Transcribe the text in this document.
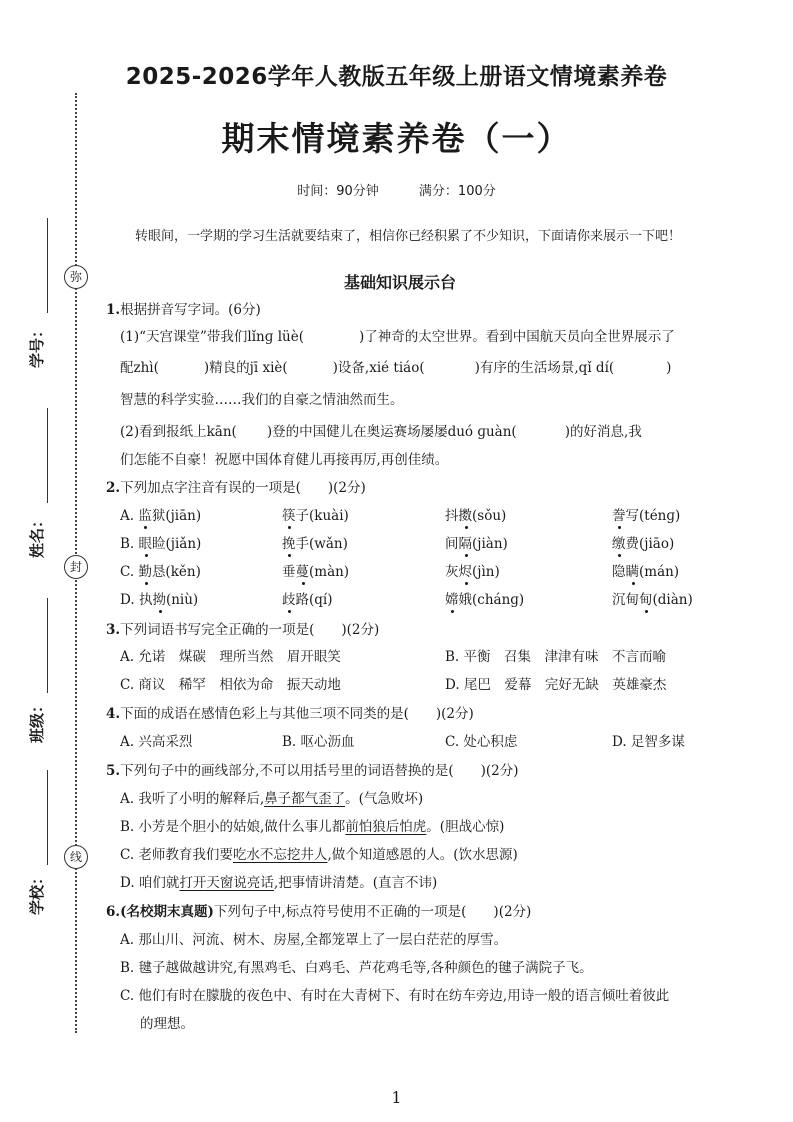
弥
封
线
学号：
姓名：
班级：
学校：
2025-2026学年人教版五年级上册语文情境素养卷
期末情境素养卷（一）
时间：90分钟	满分：100分
转眼间，一学期的学习生活就要结束了，相信你已经积累了不少知识，下面请你来展示一下吧！
基础知识展示台
1.根据拼音写字词。(6分)
(1)“天宫课堂”带我们lǐnɡ lüè(	)了神奇的太空世界。看到中国航天员向全世界展示了
配zhì(	)精良的jī xiè(	)设备,xié tiáo(	)有序的生活场景,qǐ dí(	)
智慧的科学实验……我们的自豪之情油然而生。
(2)看到报纸上kān( )登的中国健儿在奥运赛场屡屡duó ɡuàn(	)的好消息,我
们怎能不自豪！祝愿中国体育健儿再接再厉,再创佳绩。
2.下列加点字注音有误的一项是(　　)(2分)
A. 监狱(jiān)	筷子(kuài)	抖擞(sǒu)	誊写(ténɡ)
B. 眼睑(jiǎn)	挽手(wǎn)	间隔(jiàn)	缴费(jiāo)
C. 勤恳(kěn)	垂蔓(màn)	灰烬(jìn)	隐瞒(mán)
D. 执拗(niù)	歧路(qí)	嫦娥(chánɡ)	沉甸甸(diàn)
3.下列词语书写完全正确的一项是(　　)(2分)
A. 允诺　煤碳　理所当然　眉开眼笑	B. 平衡　召集　津津有味　不言而喻
C. 商议　稀罕　相依为命　振天动地	D. 尾巴　爱幕　完好无缺　英雄豪杰
4.下面的成语在感情色彩上与其他三项不同类的是(　　)(2分)
A. 兴高采烈	B. 呕心沥血	C. 处心积虑	D. 足智多谋
5.下列句子中的画线部分,不可以用括号里的词语替换的是(　　)(2分)
A. 我听了小明的解释后,鼻子都气歪了。(气急败坏)
B. 小芳是个胆小的姑娘,做什么事儿都前怕狼后怕虎。(胆战心惊)
C. 老师教育我们要吃水不忘挖井人,做个知道感恩的人。(饮水思源)
D. 咱们就打开天窗说亮话,把事情讲清楚。(直言不讳)
6.(名校期末真题)下列句子中,标点符号使用不正确的一项是(　　)(2分)
A. 那山川、河流、树木、房屋,全都笼罩上了一层白茫茫的厚雪。
B. 毽子越做越讲究,有黑鸡毛、白鸡毛、芦花鸡毛等,各种颜色的毽子满院子飞。
C. 他们有时在朦胧的夜色中、有时在大青树下、有时在纺车旁边,用诗一般的语言倾吐着彼此
的理想。
1
